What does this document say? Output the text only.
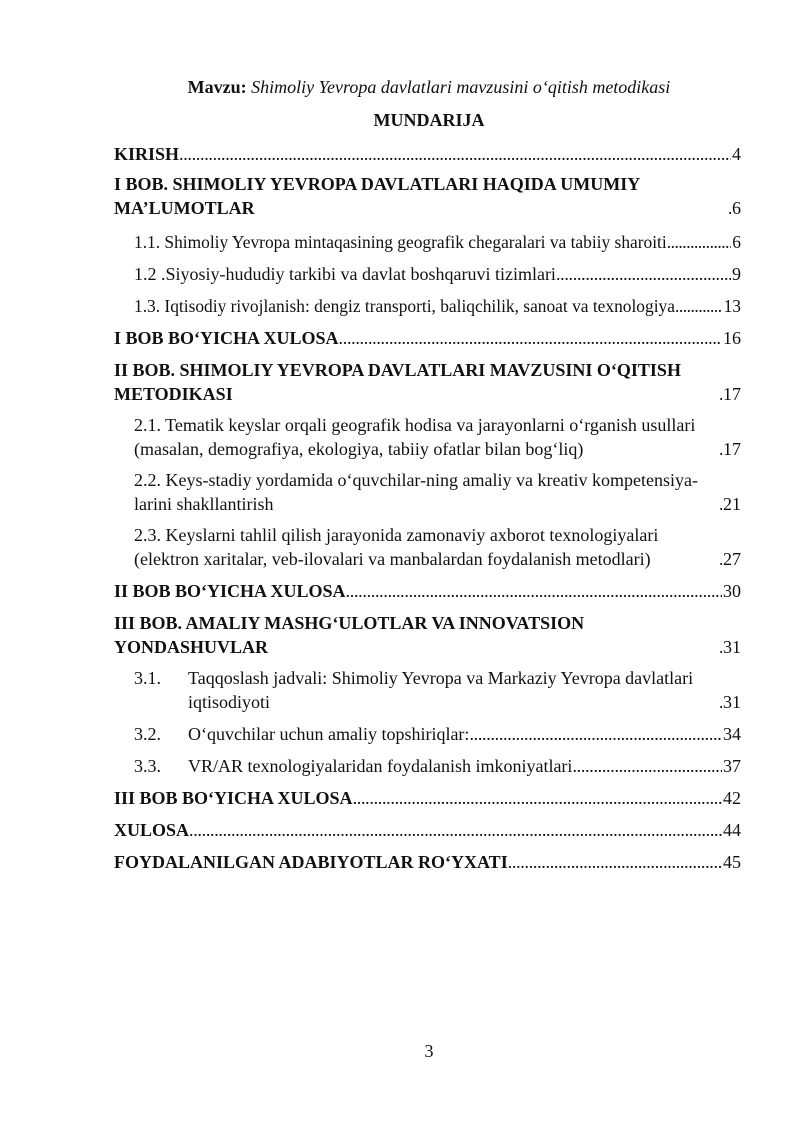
Mavzu: Shimoliy Yevropa davlatlari mavzusini o‘qitish metodikasi
MUNDARIJA
KIRISH . . .	4
I BOB. SHIMOLIY YEVROPA DAVLATLARI HAQIDA UMUMIY MA’LUMOTLAR . . .	6
1.1. Shimoliy Yevropa mintaqasining geografik chegaralari va tabiiy sharoiti . . .	6
1.2 .Siyosiy-hududiy tarkibi va davlat boshqaruvi tizimlari . . .	9
1.3. Iqtisodiy rivojlanish: dengiz transporti, baliqchilik, sanoat va texnologiya . . .	13
I BOB BO‘YICHA XULOSA . . .	16
II BOB. SHIMOLIY YEVROPA DAVLATLARI MAVZUSINI O‘QITISH METODIKASI . . .	17
2.1. Tematik keyslar orqali geografik hodisa va jarayonlarni o‘rganish usullari (masalan, demografiya, ekologiya, tabiiy ofatlar bilan bog‘liq) . . .	17
2.2. Keys-stadiy yordamida o‘quvchilar-ning amaliy va kreativ kompetensiya-larini shakllantirish . . .	21
2.3. Keyslarni tahlil qilish jarayonida zamonaviy axborot texnologiyalari (elektron xaritalar, veb-ilovalari va manbalardan foydalanish metodlari) . . .	27
II BOB BO‘YICHA XULOSA . . .	30
III BOB. AMALIY MASHG‘ULOTLAR VA INNOVATSION YONDASHUVLAR . . .	31
3.1.	Taqqoslash jadvali: Shimoliy Yevropa va Markaziy Yevropa davlatlari iqtisodiyoti . . .	31
3.2.	O‘quvchilar uchun amaliy topshiriqlar: . . .	34
3.3.	VR/AR texnologiyalaridan foydalanish imkoniyatlari . . .	37
III BOB BO‘YICHA XULOSA . . .	42
XULOSA . . .	44
FOYDALANILGAN ADABIYOTLAR RO‘YXATI . . .	45
3
